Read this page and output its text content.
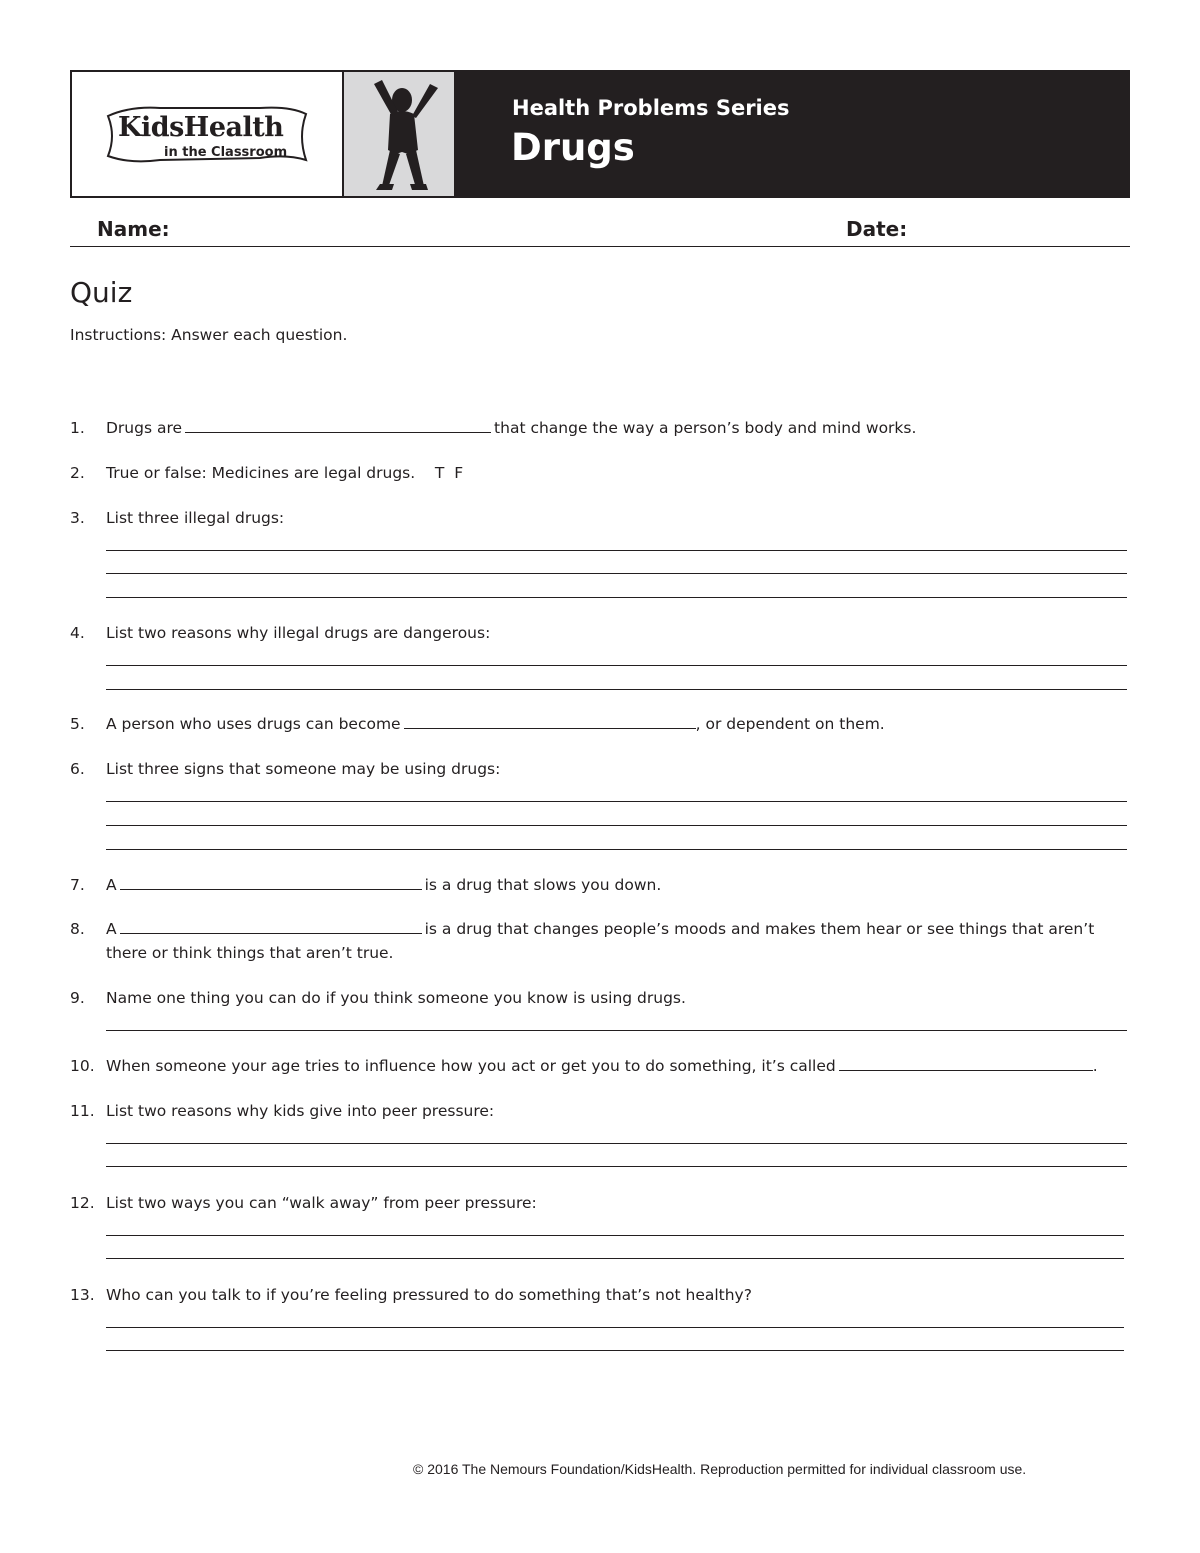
KidsHealth
in the Classroom
Health Problems Series
Drugs
Name:	Date:
Quiz
Instructions: Answer each question.
1. Drugs are	that change the way a person’s body and mind works.
2. True or false: Medicines are legal drugs.    T  F
3. List three illegal drugs:
4. List two reasons why illegal drugs are dangerous:
5. A person who uses drugs can become	, or dependent on them.
6. List three signs that someone may be using drugs:
7. A	is a drug that slows you down.
8. A	is a drug that changes people’s moods and makes them hear or see things that aren’t
there or think things that aren’t true.
9. Name one thing you can do if you think someone you know is using drugs.
10. When someone your age tries to influence how you act or get you to do something, it’s called	.
11. List two reasons why kids give into peer pressure:
12. List two ways you can “walk away” from peer pressure:
13. Who can you talk to if you’re feeling pressured to do something that’s not healthy?
© 2016 The Nemours Foundation/KidsHealth. Reproduction permitted for individual classroom use.
